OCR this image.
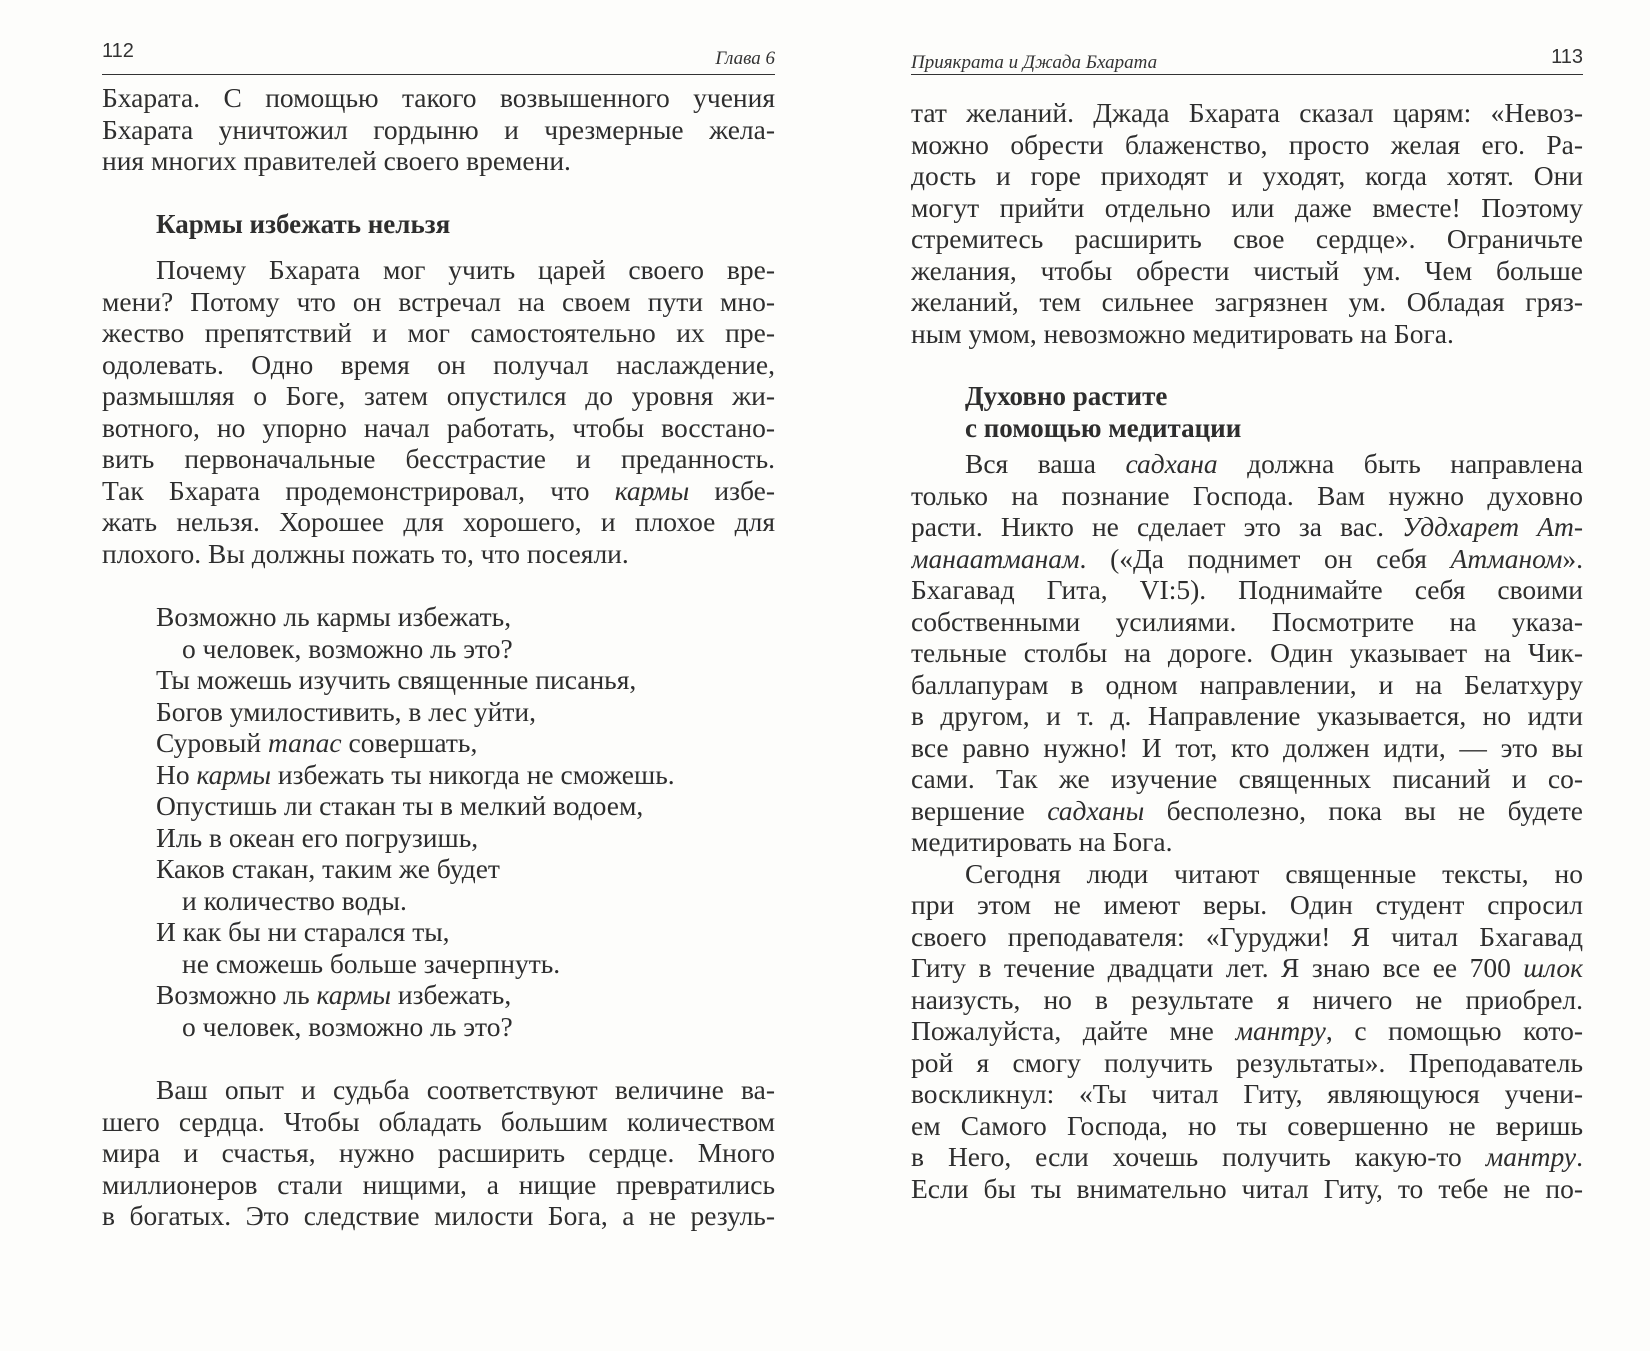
112	Глава 6
Бхарата. С помощью такого возвышенного учения
Бхарата уничтожил гордыню и чрезмерные жела-
ния многих правителей своего времени.
Кармы избежать нельзя
Почему Бхарата мог учить царей своего вре-
мени? Потому что он встречал на своем пути мно-
жество препятствий и мог самостоятельно их пре-
одолевать. Одно время он получал наслаждение,
размышляя о Боге, затем опустился до уровня жи-
вотного, но упорно начал работать, чтобы восстано-
вить первоначальные бесстрастие и преданность.
Так Бхарата продемонстрировал, что кармы избе-
жать нельзя. Хорошее для хорошего, и плохое для
плохого. Вы должны пожать то, что посеяли.
Возможно ль кармы избежать,
о человек, возможно ль это?
Ты можешь изучить священные писанья,
Богов умилостивить, в лес уйти,
Суровый тапас совершать,
Но кармы избежать ты никогда не сможешь.
Опустишь ли стакан ты в мелкий водоем,
Иль в океан его погрузишь,
Каков стакан, таким же будет
и количество воды.
И как бы ни старался ты,
не сможешь больше зачерпнуть.
Возможно ль кармы избежать,
о человек, возможно ль это?
Ваш опыт и судьба соответствуют величине ва-
шего сердца. Чтобы обладать большим количеством
мира и счастья, нужно расширить сердце. Много
миллионеров стали нищими, а нищие превратились
в богатых. Это следствие милости Бога, а не резуль-
Приякрата и Джада Бхарата	113
тат желаний. Джада Бхарата сказал царям: «Невоз-
можно обрести блаженство, просто желая его. Ра-
дость и горе приходят и уходят, когда хотят. Они
могут прийти отдельно или даже вместе! Поэтому
стремитесь расширить свое сердце». Ограничьте
желания, чтобы обрести чистый ум. Чем больше
желаний, тем сильнее загрязнен ум. Обладая гряз-
ным умом, невозможно медитировать на Бога.
Духовно растите
с помощью медитации
Вся ваша садхана должна быть направлена
только на познание Господа. Вам нужно духовно
расти. Никто не сделает это за вас. Уддхарет Ат-
манаатманам. («Да поднимет он себя Атманом».
Бхагавад Гита, VI:5). Поднимайте себя своими
собственными усилиями. Посмотрите на указа-
тельные столбы на дороге. Один указывает на Чик-
баллапурам в одном направлении, и на Белатхуру
в другом, и т. д. Направление указывается, но идти
все равно нужно! И тот, кто должен идти, — это вы
сами. Так же изучение священных писаний и со-
вершение садханы бесполезно, пока вы не будете
медитировать на Бога.
Сегодня люди читают священные тексты, но
при этом не имеют веры. Один студент спросил
своего преподавателя: «Гуруджи! Я читал Бхагавад
Гиту в течение двадцати лет. Я знаю все ее 700 шлок
наизусть, но в результате я ничего не приобрел.
Пожалуйста, дайте мне мантру, с помощью кото-
рой я смогу получить результаты». Преподаватель
воскликнул: «Ты читал Гиту, являющуюся учени-
ем Самого Господа, но ты совершенно не веришь
в Него, если хочешь получить какую-то мантру.
Если бы ты внимательно читал Гиту, то тебе не по-
